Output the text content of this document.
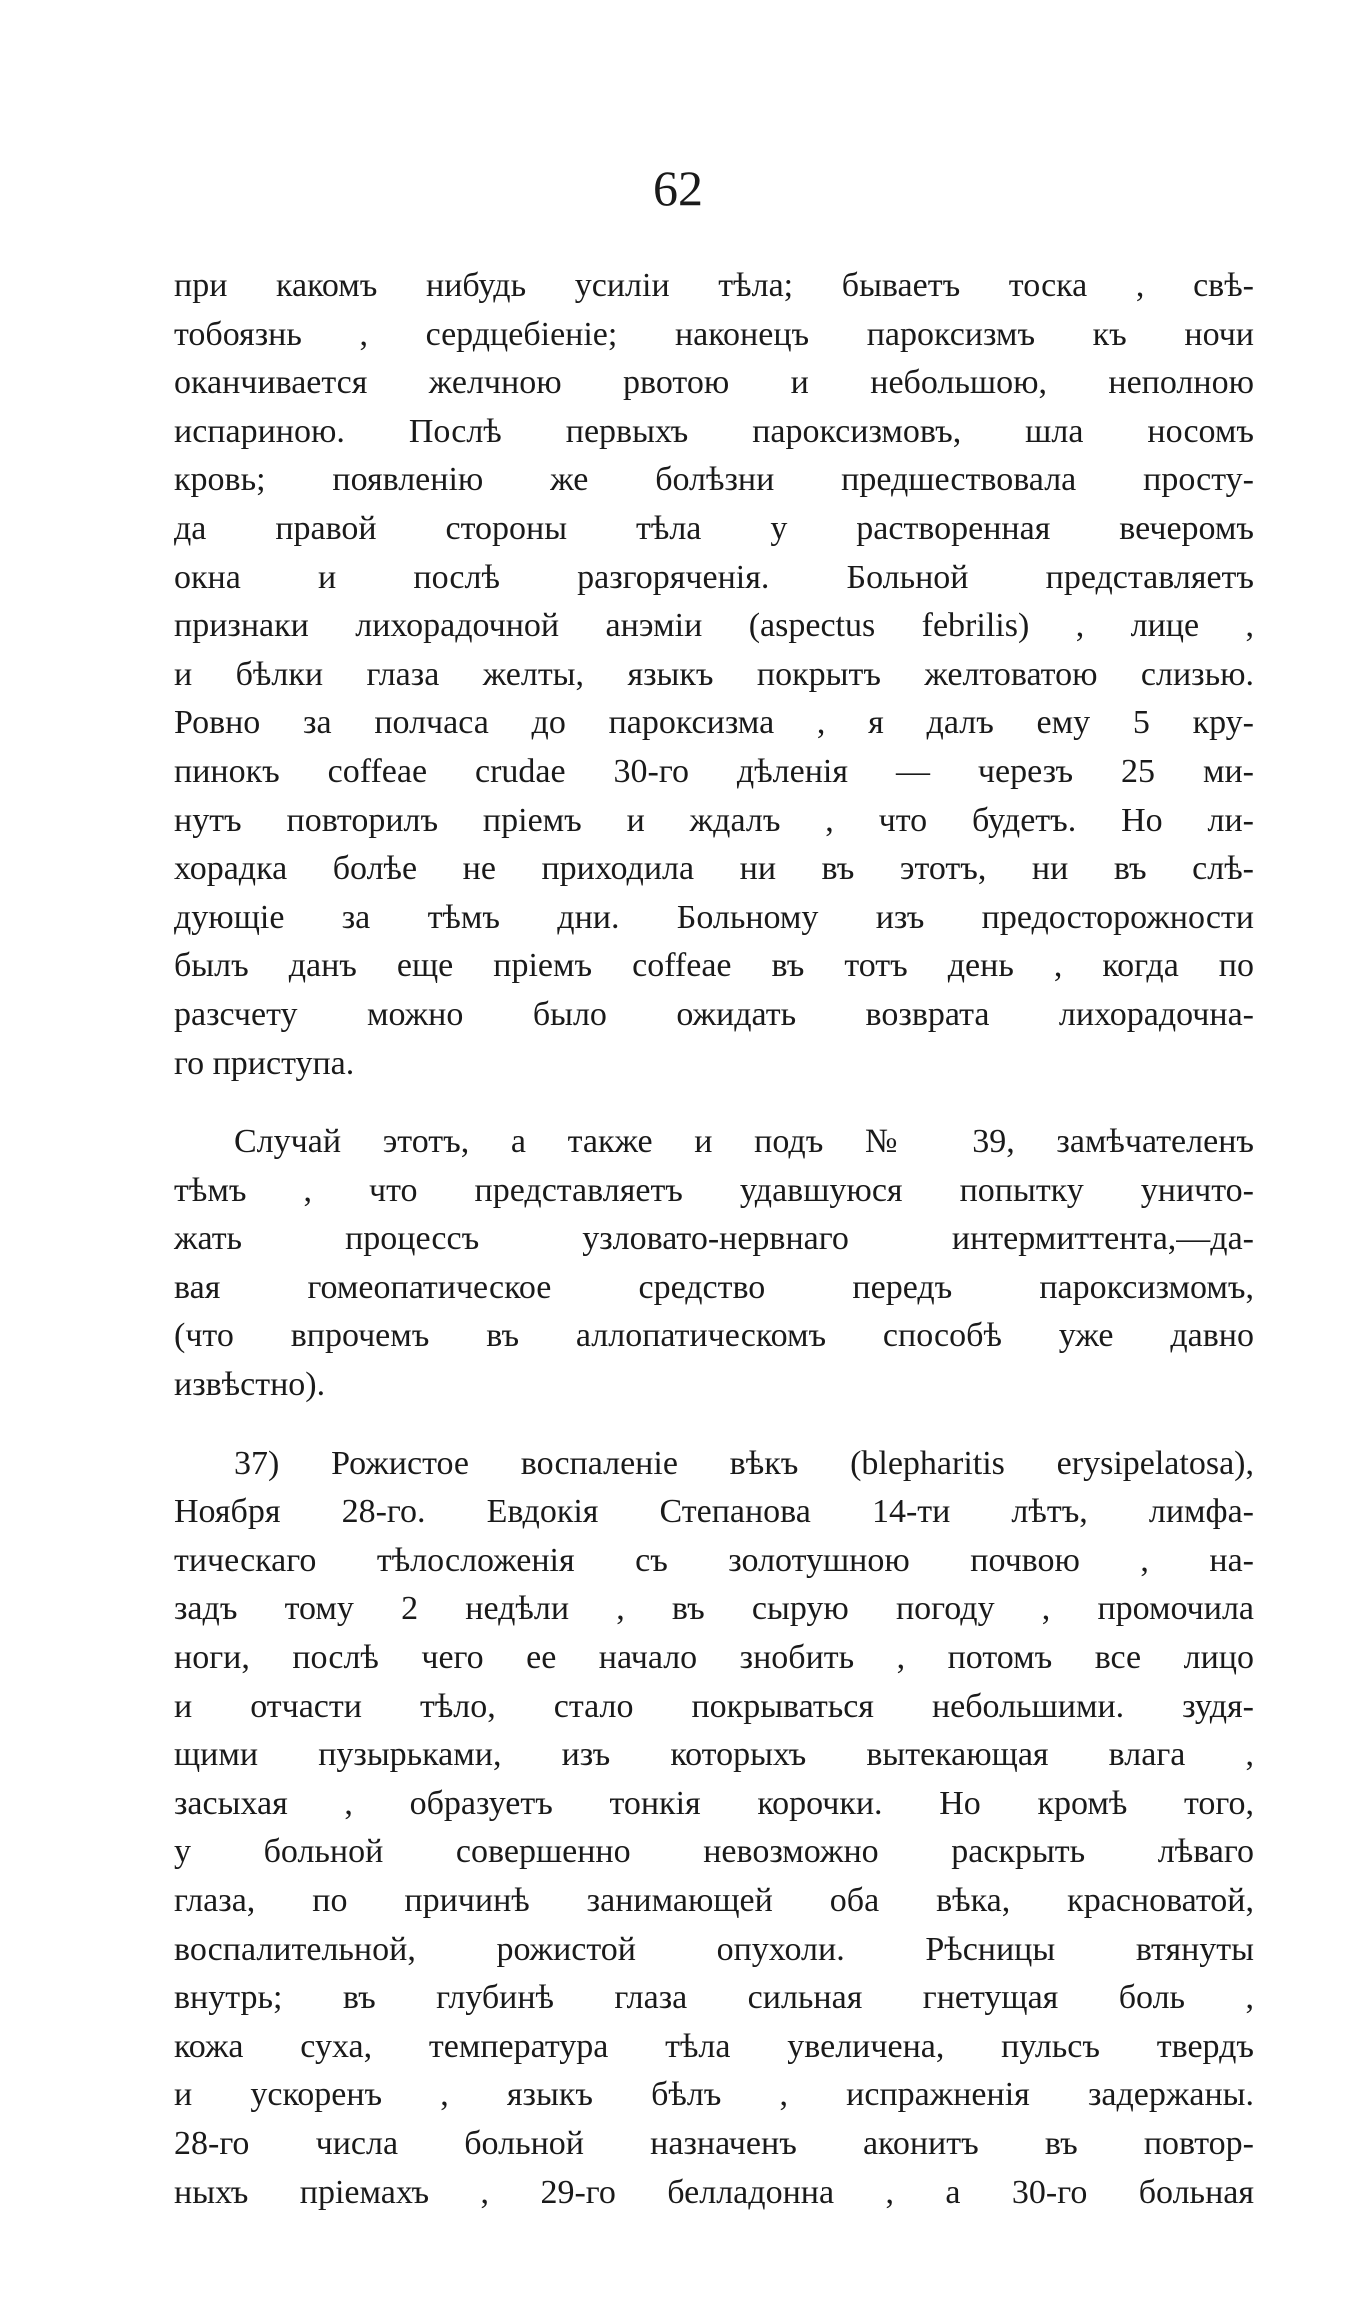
62
при какомъ нибудь усиліи тѣла; бываетъ тоска , свѣ-
тобоязнь , сердцебіеніе; наконецъ пароксизмъ къ ночи
оканчивается желчною рвотою и небольшою, неполною
испариною. Послѣ первыхъ пароксизмовъ, шла носомъ
кровь; появленію же болѣзни предшествовала просту-
да правой стороны тѣла у растворенная вечеромъ
окна и послѣ разгоряченія. Больной представляетъ
признаки лихорадочной анэміи (aspectus febrilis) , лице ,
и бѣлки глаза желты, языкъ покрытъ желтоватою слизью.
Ровно за полчаса до пароксизма , я далъ ему 5 кру-
пинокъ coffeae crudae 30-го дѣленія — черезъ 25 ми-
нутъ повторилъ пріемъ и ждалъ , что будетъ. Но ли-
хорадка болѣе не приходила ни въ этотъ, ни въ слѣ-
дующіе за тѣмъ дни. Больному изъ предосторожности
былъ данъ еще пріемъ coffeae въ тотъ день , когда по
разсчету можно было ожидать возврата лихорадочна-
го приступа.
Случай этотъ, а также и подъ № 39, замѣчателенъ
тѣмъ , что представляетъ удавшуюся попытку уничто-
жать процессъ узловато-нервнаго интермиттента,—да-
вая гомеопатическое средство передъ пароксизмомъ,
(что впрочемъ въ аллопатическомъ способѣ уже давно
извѣстно).
37) Рожистое воспаленіе вѣкъ (blepharitis erysipelatosa),
Ноября 28-го. Евдокія Степанова 14-ти лѣтъ, лимфа-
тическаго тѣлосложенія съ золотушною почвою , на-
задъ тому 2 недѣли , въ сырую погоду , промочила
ноги, послѣ чего ее начало знобить , потомъ все лицо
и отчасти тѣло, стало покрываться небольшими. зудя-
щими пузырьками, изъ которыхъ вытекающая влага ,
засыхая , образуетъ тонкія корочки. Но кромѣ того,
у больной совершенно невозможно раскрыть лѣваго
глаза, по причинѣ занимающей оба вѣка, красноватой,
воспалительной, рожистой опухоли. Рѣсницы втянуты
внутрь; въ глубинѣ глаза сильная гнетущая боль ,
кожа суха, температура тѣла увеличена, пульсъ твердъ
и ускоренъ , языкъ бѣлъ , испражненія задержаны.
28-го числа больной назначенъ аконитъ въ повтор-
ныхъ пріемахъ , 29-го белладонна , а 30-го больная
